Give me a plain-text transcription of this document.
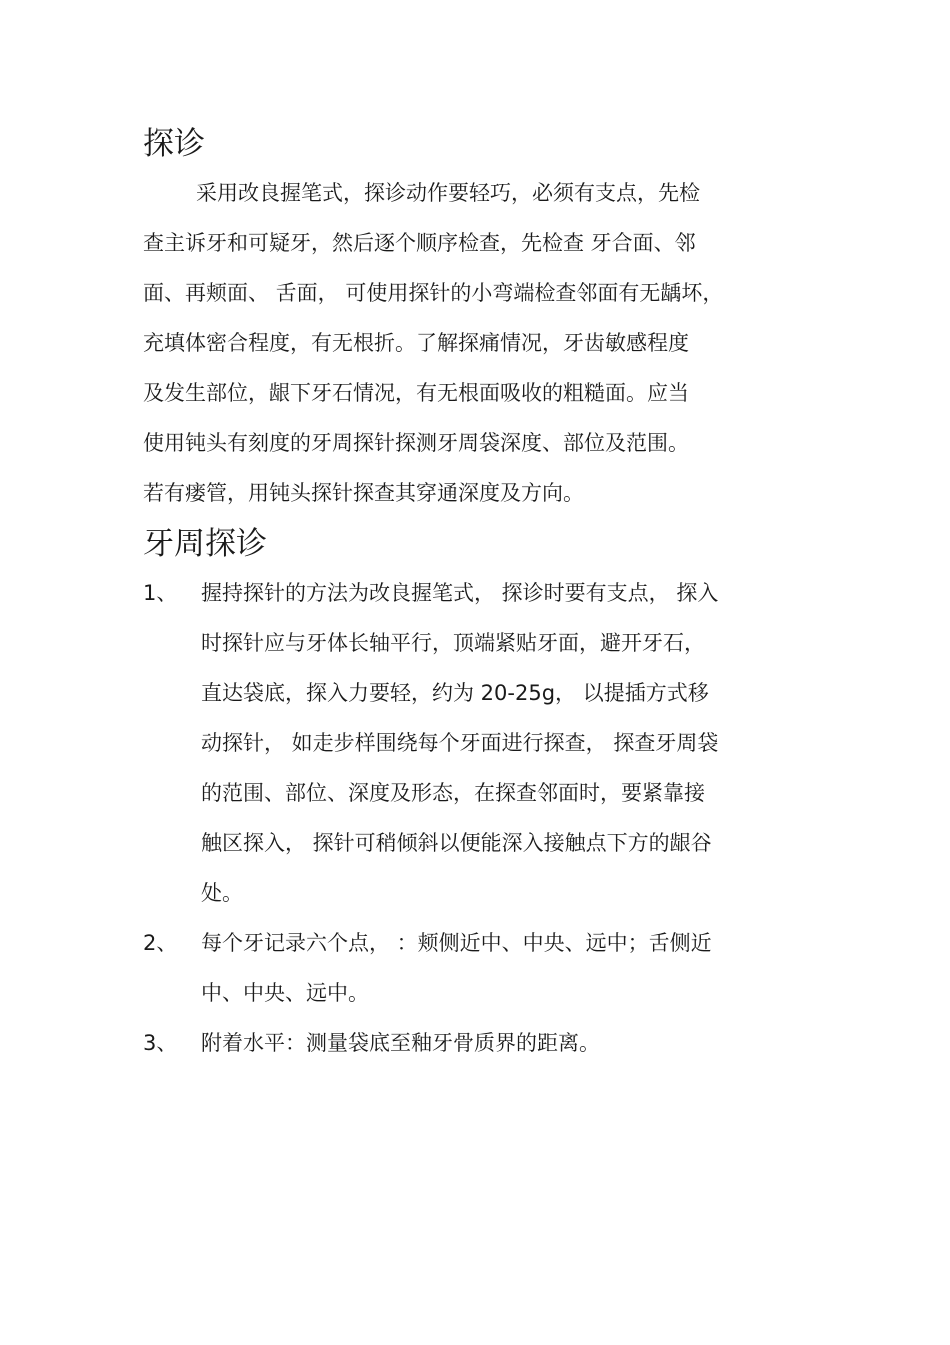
探诊
采用改良握笔式，探诊动作要轻巧，必须有支点，先检
查主诉牙和可疑牙，然后逐个顺序检查，先检查 牙合面、邻
面、再颊面、 舌面， 可使用探针的小弯端检查邻面有无龋坏，
充填体密合程度，有无根折。了解探痛情况，牙齿敏感程度
及发生部位，龈下牙石情况，有无根面吸收的粗糙面。应当
使用钝头有刻度的牙周探针探测牙周袋深度、部位及范围。
若有瘘管，用钝头探针探查其穿通深度及方向。
牙周探诊
1、 握持探针的方法为改良握笔式， 探诊时要有支点， 探入
时探针应与牙体长轴平行，顶端紧贴牙面，避开牙石，
直达袋底，探入力要轻，约为 20-25g， 以提插方式移
动探针， 如走步样围绕每个牙面进行探查， 探查牙周袋
的范围、部位、深度及形态，在探查邻面时，要紧靠接
触区探入， 探针可稍倾斜以便能深入接触点下方的龈谷
处。
2、 每个牙记录六个点， ：颊侧近中、中央、远中；舌侧近
中、中央、远中。
3、 附着水平：测量袋底至釉牙骨质界的距离。
